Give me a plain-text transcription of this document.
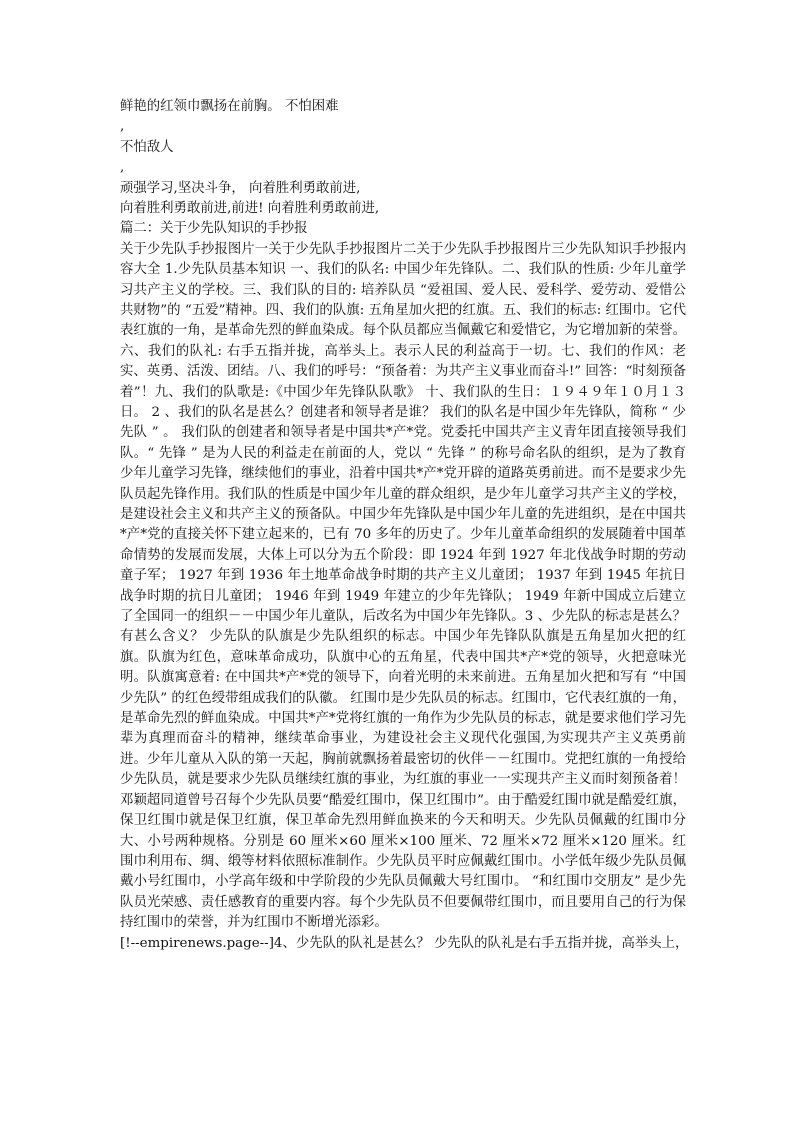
鲜艳的红领巾飘扬在前胸。 不怕困难
,
不怕敌人
,
顽强学习,坚决斗争， 向着胜利勇敢前进,
向着胜利勇敢前进,前进! 向着胜利勇敢前进,
篇二：关于少先队知识的手抄报

关于少先队手抄报图片一关于少先队手抄报图片二关于少先队手抄报图片三少先队知识手抄报内容大全 1.少先队员基本知识 一、我们的队名: 中国少年先锋队。二、我们队的性质: 少年儿童学习共产主义的学校。三、我们队的目的: 培养队员 “爱祖国、爱人民、爱科学、爱劳动、爱惜公共财物”的 “五爱”精神。四、我们的队旗: 五角星加火把的红旗。五、我们的标志: 红围巾。它代表红旗的一角，是革命先烈的鲜血染成。每个队员都应当佩戴它和爱惜它，为它增加新的荣誉。六、我们的队礼: 右手五指并拢，高举头上。表示人民的利益高于一切。七、我们的作风：老实、英勇、活泼、团结。八、我们的呼号：“预备着：为共产主义事业而奋斗!” 回答：“时刻预备着”！九、我们的队歌是:《中国少年先锋队队歌》 十、我们队的生日：１９４９年１０月１３日。 2 、我们的队名是甚么？创建者和领导者是谁？ 我们的队名是中国少年先锋队，简称 “ 少先队 ” 。 我们队的创建者和领导者是中国共*产*党。党委托中国共产主义青年团直接领导我们队。“ 先锋 ” 是为人民的利益走在前面的人，党以 “ 先锋 ” 的称号命名队的组织，是为了教育少年儿童学习先锋，继续他们的事业，沿着中国共*产*党开辟的道路英勇前进。而不是要求少先队员起先锋作用。我们队的性质是中国少年儿童的群众组织，是少年儿童学习共产主义的学校，是建设社会主义和共产主义的预备队。中国少年先锋队是中国少年儿童的先进组织，是在中国共*产*党的直接关怀下建立起来的，已有 70 多年的历史了。少年儿童革命组织的发展随着中国革命情势的发展而发展，大体上可以分为五个阶段：即 1924 年到 1927 年北伐战争时期的劳动童子军； 1927 年到 1936 年土地革命战争时期的共产主义儿童团； 1937 年到 1945 年抗日战争时期的抗日儿童团； 1946 年到 1949 年建立的少年先锋队； 1949 年新中国成立后建立了全国同一的组织－－中国少年儿童队，后改名为中国少年先锋队。3 、少先队的标志是甚么？有甚么含义？ 少先队的队旗是少先队组织的标志。中国少年先锋队队旗是五角星加火把的红旗。队旗为红色，意味革命成功，队旗中心的五角星，代表中国共*产*党的领导，火把意味光明。队旗寓意着: 在中国共*产*党的领导下，向着光明的未来前进。五角星加火把和写有 “中国少先队” 的红色绶带组成我们的队徽。 红围巾是少先队员的标志。红围巾，它代表红旗的一角，是革命先烈的鲜血染成。中国共*产*党将红旗的一角作为少先队员的标志，就是要求他们学习先辈为真理而奋斗的精神，继续革命事业，为建设社会主义现代化强国,为实现共产主义英勇前进。少年儿童从入队的第一天起，胸前就飘扬着最密切的伙伴－－红围巾。党把红旗的一角授给少先队员，就是要求少先队员继续红旗的事业，为红旗的事业一一实现共产主义而时刻预备着！邓颖超同道曾号召每个少先队员要“酷爱红围巾，保卫红围巾”。由于酷爱红围巾就是酷爱红旗，保卫红围巾就是保卫红旗，保卫革命先烈用鲜血换来的今天和明天。少先队员佩戴的红围巾分大、小号两种规格。分别是 60 厘米×60 厘米×100 厘米、72 厘米×72 厘米×120 厘米。红围巾利用布、绸、缎等材料依照标准制作。少先队员平时应佩戴红围巾。小学低年级少先队员佩戴小号红围巾，小学高年级和中学阶段的少先队员佩戴大号红围巾。 “和红围巾交朋友” 是少先队员光荣感、责任感教育的重要内容。每个少先队员不但要佩带红围巾，而且要用自己的行为保持红围巾的荣誉，并为红围巾不断增光添彩。

[!--empirenews.page--]4、少先队的队礼是甚么？ 少先队的队礼是右手五指并拢，高举头上，
